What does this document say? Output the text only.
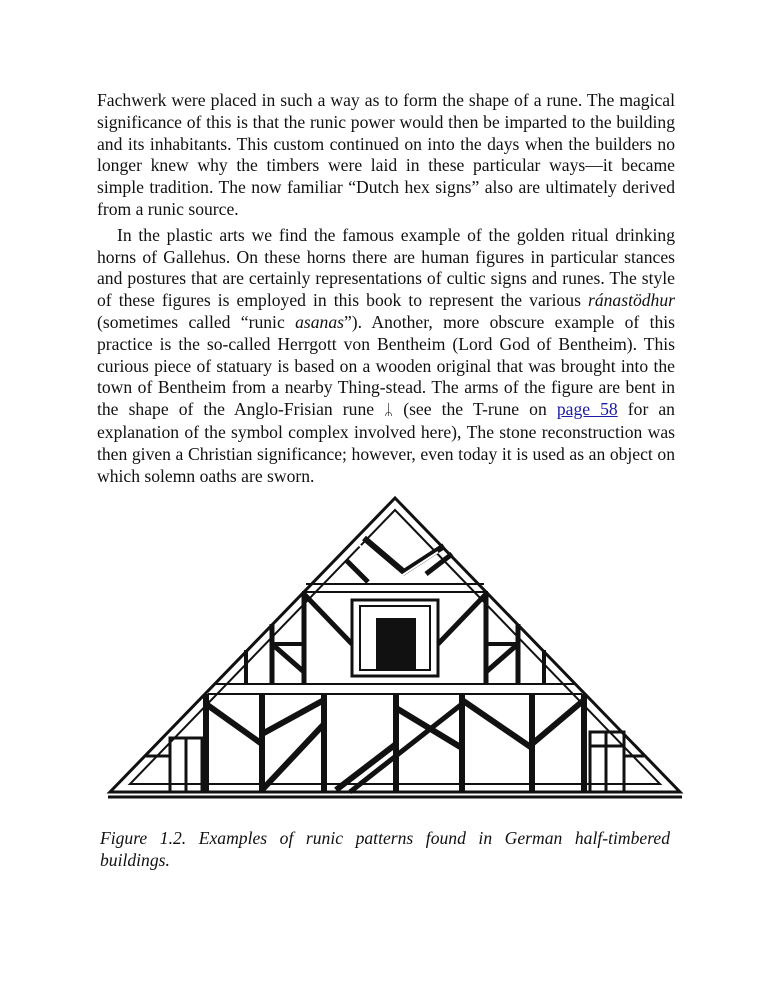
Fachwerk were placed in such a way as to form the shape of a rune. The magical significance of this is that the runic power would then be imparted to the building and its inhabitants. This custom continued on into the days when the builders no longer knew why the timbers were laid in these particular ways—it became simple tradition. The now familiar “Dutch hex signs” also are ultimately derived from a runic source.

In the plastic arts we find the famous example of the golden ritual drinking horns of Gallehus. On these horns there are human figures in particular stances and postures that are certainly representations of cultic signs and runes. The style of these figures is employed in this book to represent the various ránastödhur (sometimes called “runic asanas”). Another, more obscure example of this practice is the so-called Herrgott von Bentheim (Lord God of Bentheim). This curious piece of statuary is based on a wooden original that was brought into the town of Bentheim from a nearby Thing-stead. The arms of the figure are bent in the shape of the Anglo-Frisian rune ᛦ (see the T-rune on page 58 for an explanation of the symbol complex involved here), The stone reconstruction was then given a Christian significance; however, even today it is used as an object on which solemn oaths are sworn.

Figure 1.2. Examples of runic patterns found in German half-timbered buildings.
